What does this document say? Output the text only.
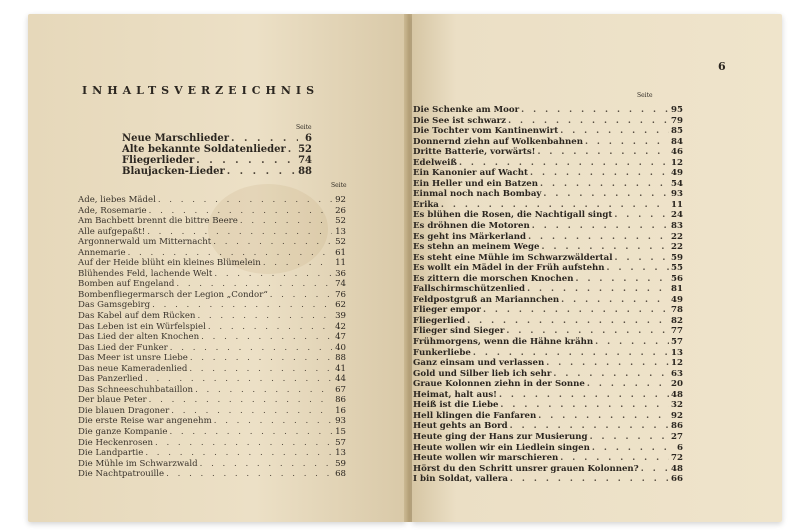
INHALTSVERZEICHNIS
Seite
Neue Marschlieder . . .	6
Alte bekannte Soldatenlieder . . . 52
Fliegerlieder . . .	74
Blaujacken-Lieder . . .	88
Seite
Ade, liebes Mädel . . .	92
Ade, Rosemarie . . .	26
Am Bachbett brennt die bittre Beere . . .	52
Alle aufgepaßt! . . .	13
Argonnerwald um Mitternacht . . .	52
Annemarie . . .	61
Auf der Heide blüht ein kleines Blümelein . . .	11
Blühendes Feld, lachende Welt . . .	36
Bomben auf Engeland . . .	74
Bombenfliegermarsch der Legion „Condor“ . . .	76
Das Gamsgebirg . . .	62
Das Kabel auf dem Rücken . . .	39
Das Leben ist ein Würfelspiel . . .	42
Das Lied der alten Knochen . . .	47
Das Lied der Funker . . .	40
Das Meer ist unsre Liebe . . .	88
Das neue Kameradenlied . . .	41
Das Panzerlied . . .	44
Das Schneeschuhbataillon . . .	67
Der blaue Peter . . .	86
Die blauen Dragoner . . .	16
Die erste Reise war angenehm . . .	93
Die ganze Kompanie . . .	15
Die Heckenrosen . . .	57
Die Landpartie . . .	13
Die Mühle im Schwarzwald . . .	59
Die Nachtpatrouille . . .	68
6
Seite
Die Schenke am Moor . . .	95
Die See ist schwarz . . .	79
Die Tochter vom Kantinenwirt . . .	85
Donnernd ziehn auf Wolkenbahnen . . .	84
Dritte Batterie, vorwärts! . . .	46
Edelweiß . . .	12
Ein Kanonier auf Wacht . . .	49
Ein Heller und ein Batzen . . .	54
Einmal noch nach Bombay . . .	93
Erika . . .	11
Es blühen die Rosen, die Nachtigall singt . . .	24
Es dröhnen die Motoren . . .	83
Es geht ins Märkerland . . .	22
Es stehn an meinem Wege . . .	22
Es steht eine Mühle im Schwarzwäldertal . . .	59
Es wollt ein Mädel in der Früh aufstehn . . .	55
Es zittern die morschen Knochen . . .	56
Fallschirmschützenlied . . .	81
Feldpostgruß an Mariannchen . . .	49
Flieger empor . . .	78
Fliegerlied . . .	82
Flieger sind Sieger . . .	77
Frühmorgens, wenn die Hähne krähn . . .	57
Funkerliebe . . .	13
Ganz einsam und verlassen . . .	12
Gold und Silber lieb ich sehr . . .	63
Graue Kolonnen ziehn in der Sonne . . .	20
Heimat, halt aus! . . .	48
Heiß ist die Liebe . . .	32
Hell klingen die Fanfaren . . .	92
Heut gehts an Bord . . .	86
Heute ging der Hans zur Musierung . . .	27
Heute wollen wir ein Liedlein singen . . .	6
Heute wollen wir marschieren . . .	72
Hörst du den Schritt unsrer grauen Kolonnen? . . .	48
I bin Soldat, vallera . . .	66
